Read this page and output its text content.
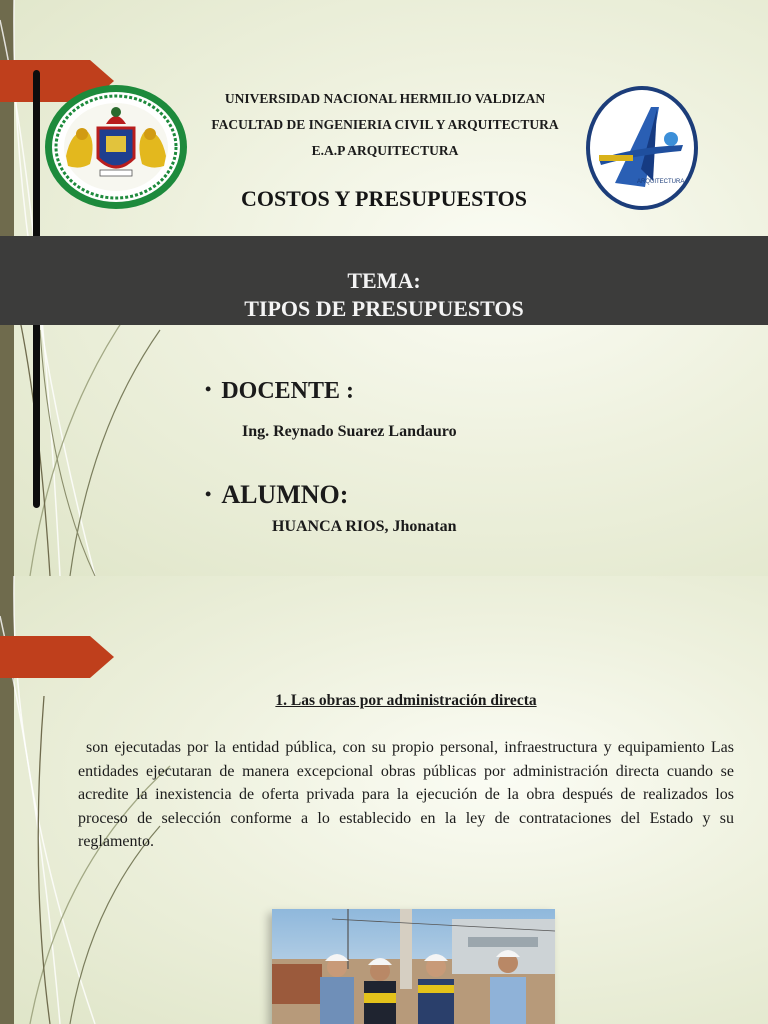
ARQUITECTURA
UNIVERSIDAD NACIONAL HERMILIO VALDIZAN
FACULTAD DE INGENIERIA CIVIL Y ARQUITECTURA
E.A.P ARQUITECTURA
COSTOS Y PRESUPUESTOS
TEMA:
TIPOS DE PRESUPUESTOS
• DOCENTE :
Ing. Reynado Suarez Landauro
• ALUMNO:
HUANCA RIOS, Jhonatan
1. Las obras por administración directa
son ejecutadas por la entidad pública, con su propio personal, infraestructura y equipamiento Las entidades ejecutaran de manera excepcional obras públicas por administración directa cuando se acredite la inexistencia de oferta privada para la ejecución de la obra después de realizados los proceso de selección conforme a lo establecido en la ley de contrataciones del Estado y su reglamento.
